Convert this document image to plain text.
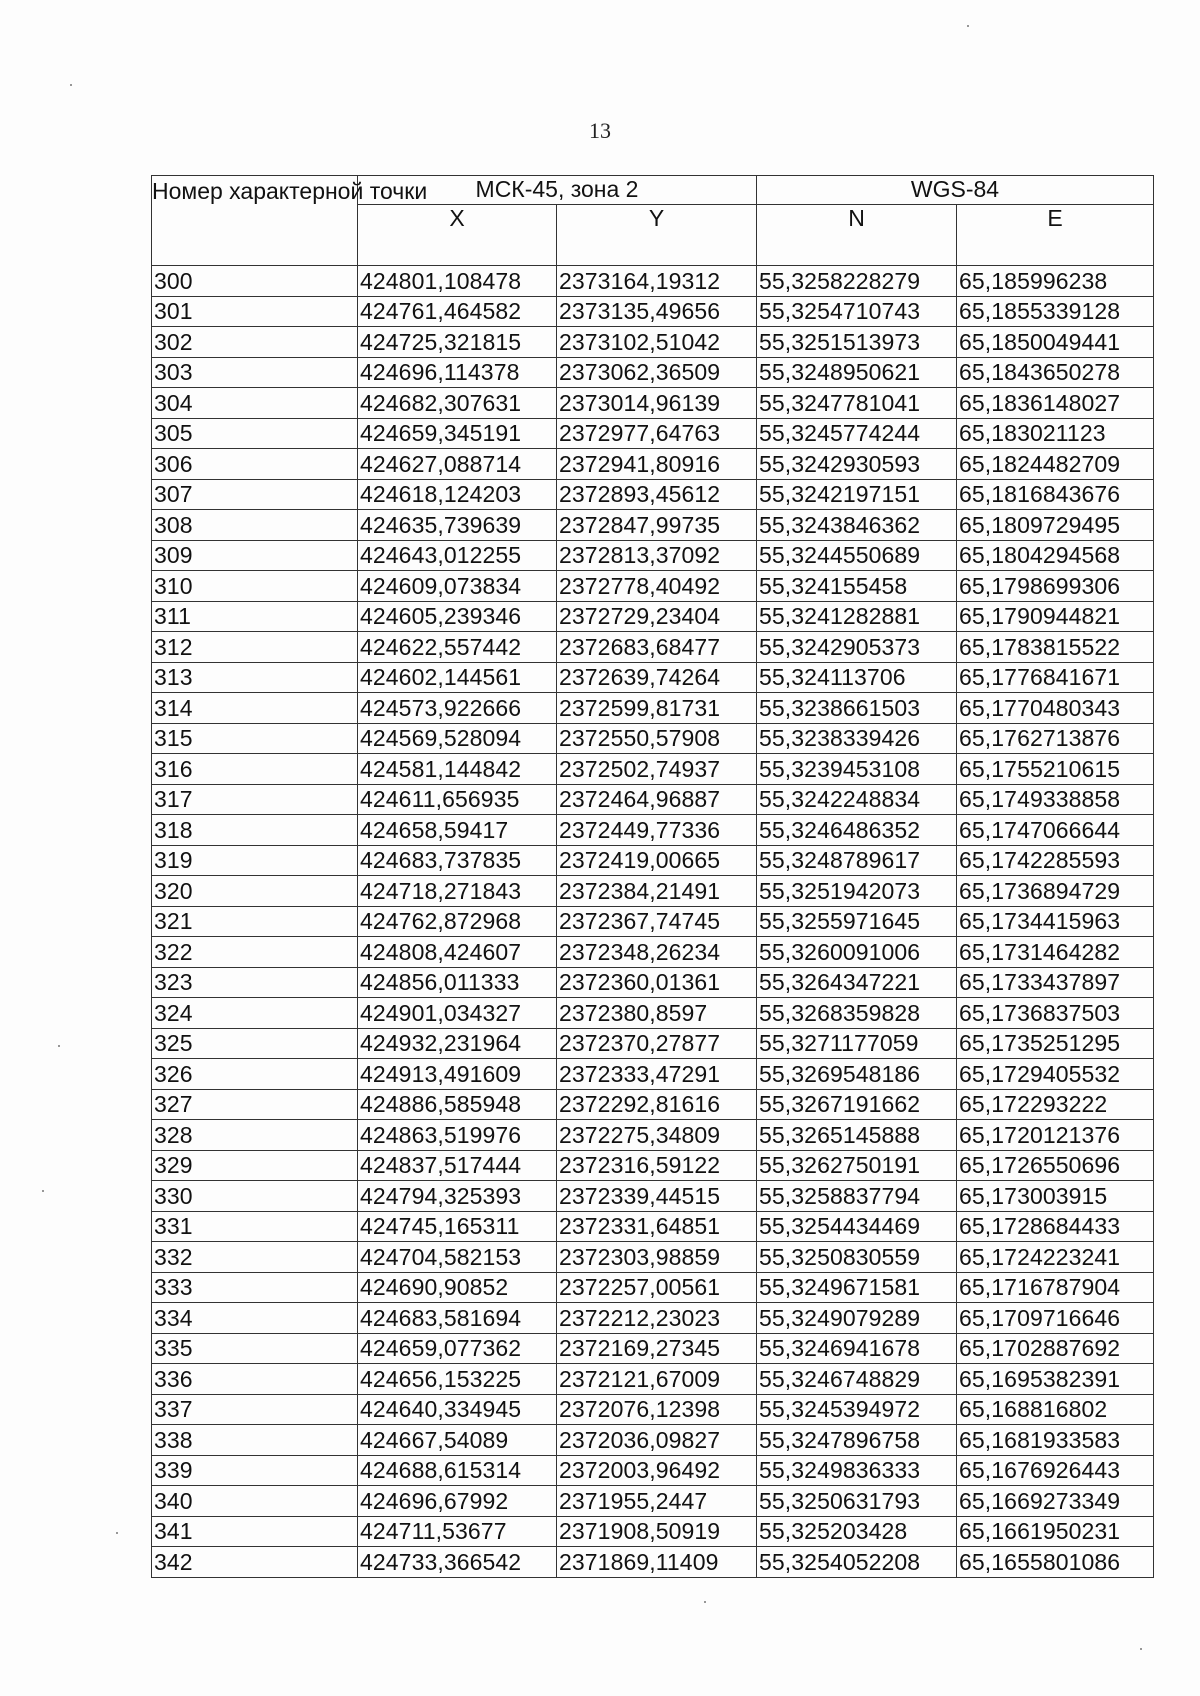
13
Номер характерной точки	МСК-45, зона 2		WGS-84	
	X	Y	N	E
300	424801,108478	2373164,19312	55,3258228279	65,185996238
301	424761,464582	2373135,49656	55,3254710743	65,1855339128
302	424725,321815	2373102,51042	55,3251513973	65,1850049441
303	424696,114378	2373062,36509	55,3248950621	65,1843650278
304	424682,307631	2373014,96139	55,3247781041	65,1836148027
305	424659,345191	2372977,64763	55,3245774244	65,183021123
306	424627,088714	2372941,80916	55,3242930593	65,1824482709
307	424618,124203	2372893,45612	55,3242197151	65,1816843676
308	424635,739639	2372847,99735	55,3243846362	65,1809729495
309	424643,012255	2372813,37092	55,3244550689	65,1804294568
310	424609,073834	2372778,40492	55,324155458	65,1798699306
311	424605,239346	2372729,23404	55,3241282881	65,1790944821
312	424622,557442	2372683,68477	55,3242905373	65,1783815522
313	424602,144561	2372639,74264	55,324113706	65,1776841671
314	424573,922666	2372599,81731	55,3238661503	65,1770480343
315	424569,528094	2372550,57908	55,3238339426	65,1762713876
316	424581,144842	2372502,74937	55,3239453108	65,1755210615
317	424611,656935	2372464,96887	55,3242248834	65,1749338858
318	424658,59417	2372449,77336	55,3246486352	65,1747066644
319	424683,737835	2372419,00665	55,3248789617	65,1742285593
320	424718,271843	2372384,21491	55,3251942073	65,1736894729
321	424762,872968	2372367,74745	55,3255971645	65,1734415963
322	424808,424607	2372348,26234	55,3260091006	65,1731464282
323	424856,011333	2372360,01361	55,3264347221	65,1733437897
324	424901,034327	2372380,8597	55,3268359828	65,1736837503
325	424932,231964	2372370,27877	55,3271177059	65,1735251295
326	424913,491609	2372333,47291	55,3269548186	65,1729405532
327	424886,585948	2372292,81616	55,3267191662	65,172293222
328	424863,519976	2372275,34809	55,3265145888	65,1720121376
329	424837,517444	2372316,59122	55,3262750191	65,1726550696
330	424794,325393	2372339,44515	55,3258837794	65,173003915
331	424745,165311	2372331,64851	55,3254434469	65,1728684433
332	424704,582153	2372303,98859	55,3250830559	65,1724223241
333	424690,90852	2372257,00561	55,3249671581	65,1716787904
334	424683,581694	2372212,23023	55,3249079289	65,1709716646
335	424659,077362	2372169,27345	55,3246941678	65,1702887692
336	424656,153225	2372121,67009	55,3246748829	65,1695382391
337	424640,334945	2372076,12398	55,3245394972	65,168816802
338	424667,54089	2372036,09827	55,3247896758	65,1681933583
339	424688,615314	2372003,96492	55,3249836333	65,1676926443
340	424696,67992	2371955,2447	55,3250631793	65,1669273349
341	424711,53677	2371908,50919	55,325203428	65,1661950231
342	424733,366542	2371869,11409	55,3254052208	65,1655801086
